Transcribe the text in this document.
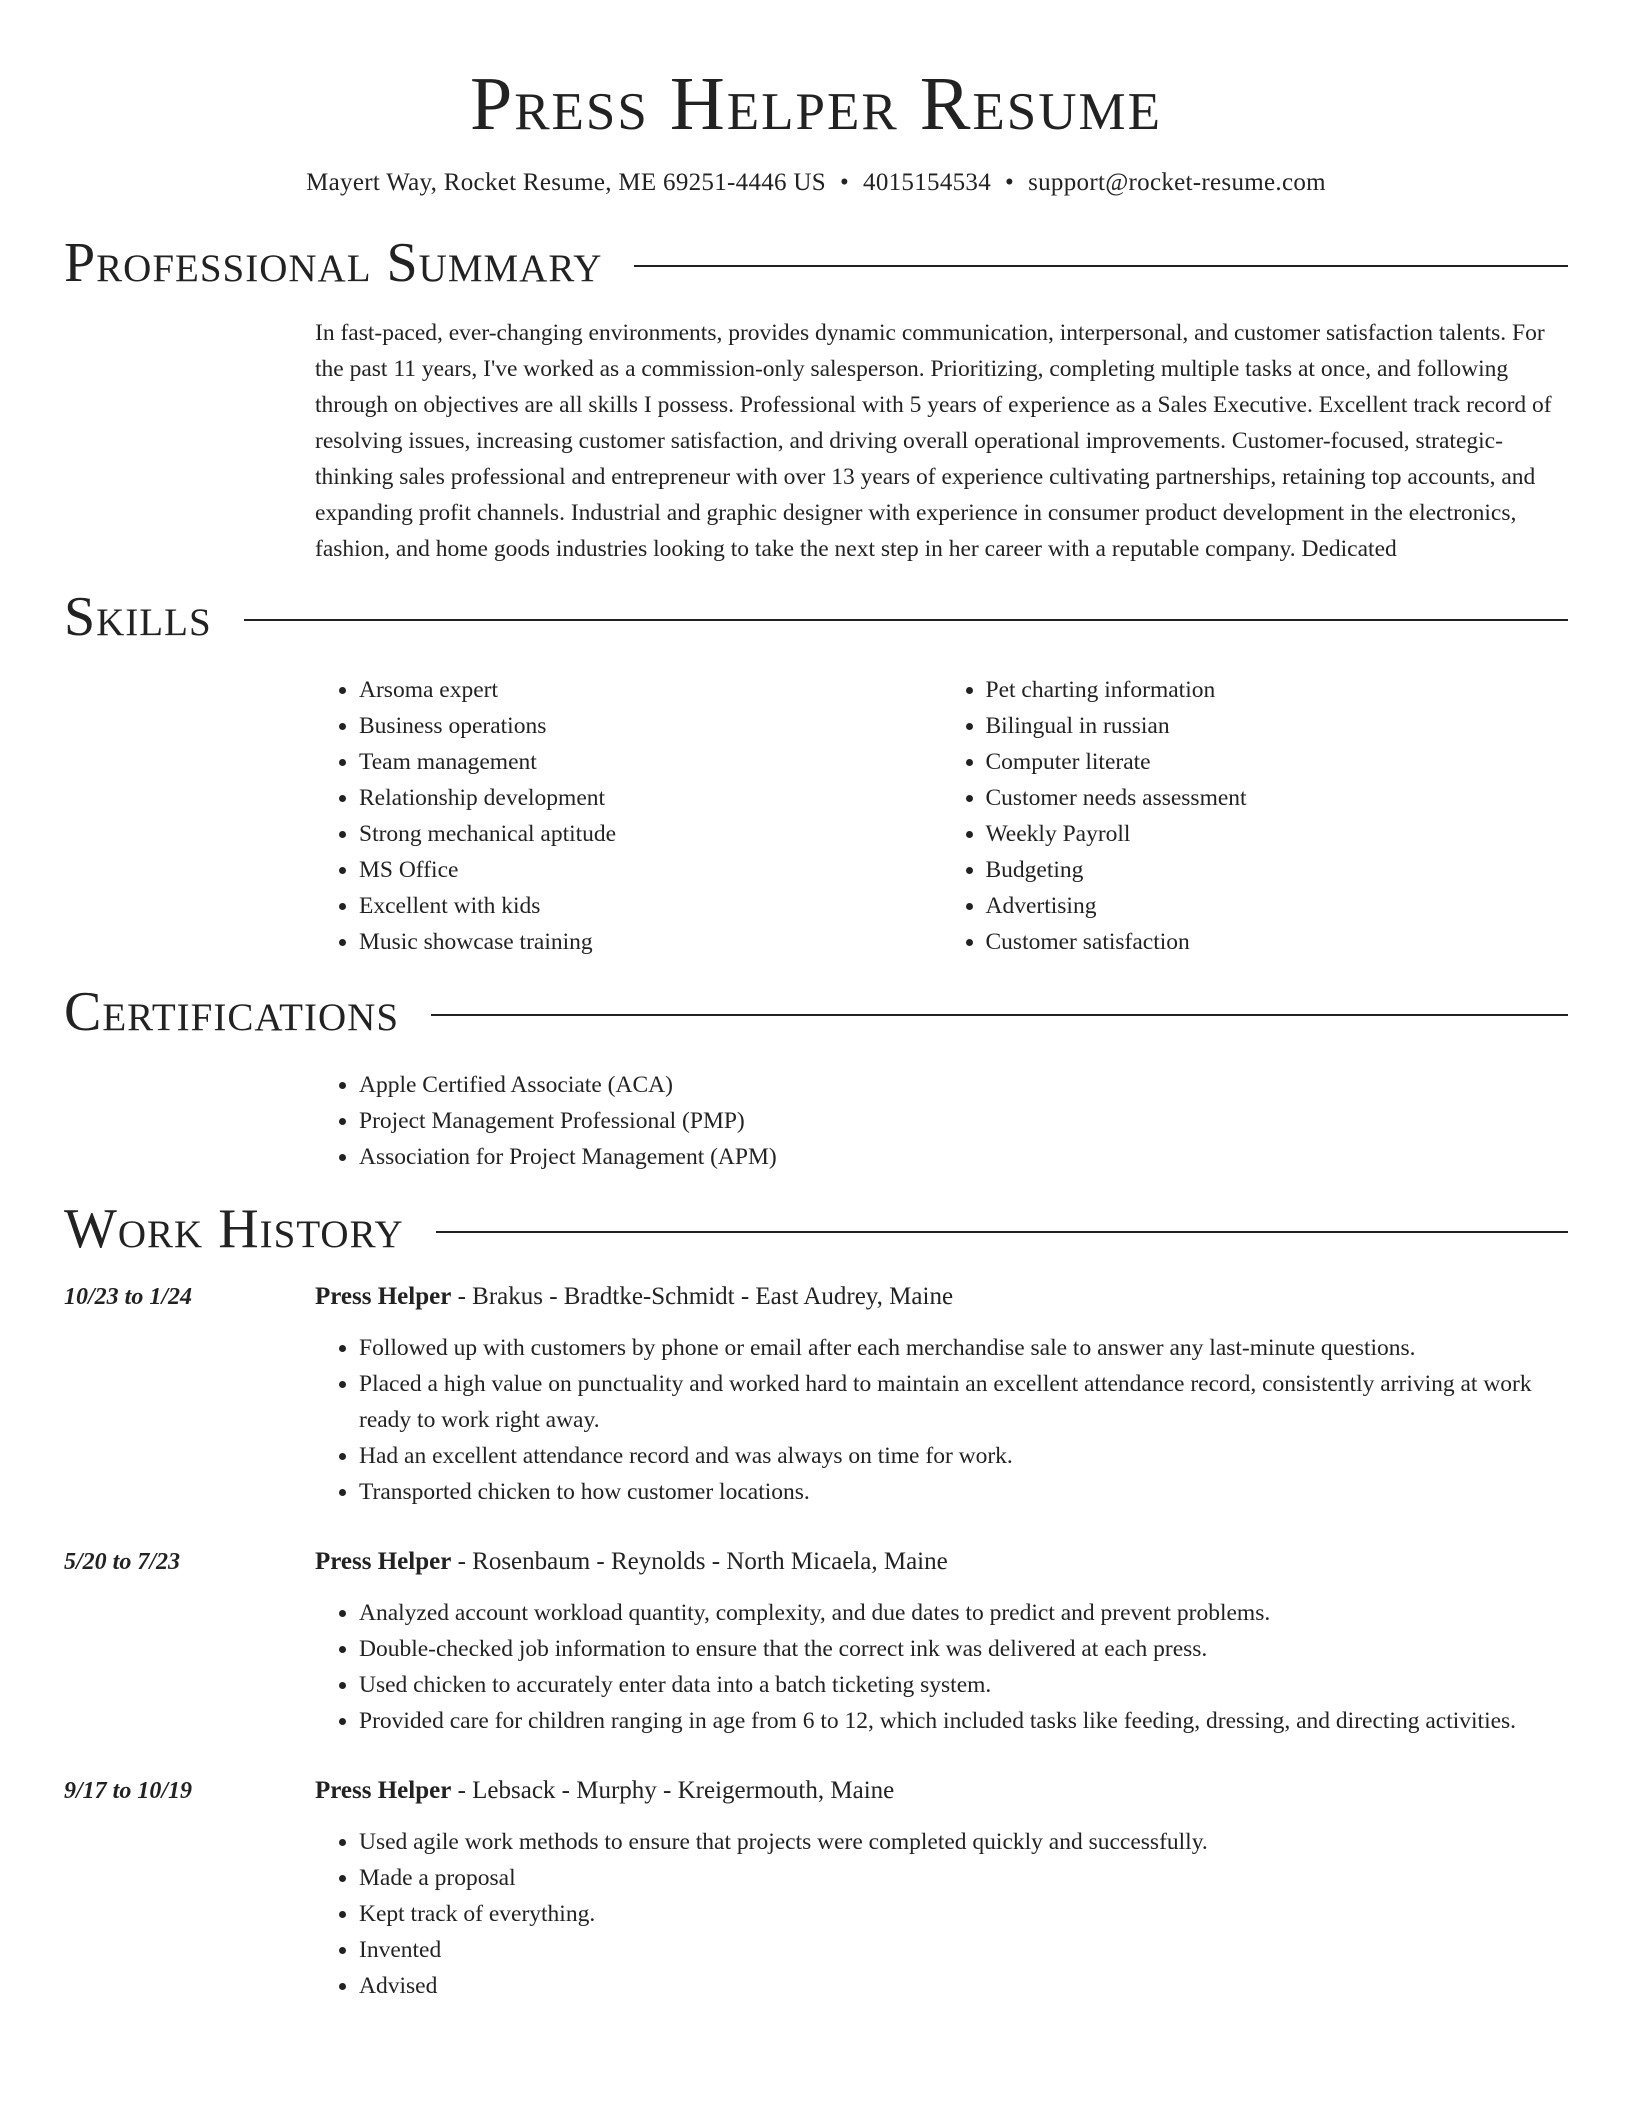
Press Helper Resume
Mayert Way, Rocket Resume, ME 69251-4446 US • 4015154534 • support@rocket-resume.com
Professional Summary

In fast-paced, ever-changing environments, provides dynamic communication, interpersonal, and customer satisfaction talents. For the past 11 years, I've worked as a commission-only salesperson. Prioritizing, completing multiple tasks at once, and following through on objectives are all skills I possess. Professional with 5 years of experience as a Sales Executive. Excellent track record of resolving issues, increasing customer satisfaction, and driving overall operational improvements. Customer-focused, strategic-thinking sales professional and entrepreneur with over 13 years of experience cultivating partnerships, retaining top accounts, and expanding profit channels. Industrial and graphic designer with experience in consumer product development in the electronics, fashion, and home goods industries looking to take the next step in her career with a reputable company. Dedicated

Skills
• Arsoma expert
• Business operations
• Team management
• Relationship development
• Strong mechanical aptitude
• MS Office
• Excellent with kids
• Music showcase training
• Pet charting information
• Bilingual in russian
• Computer literate
• Customer needs assessment
• Weekly Payroll
• Budgeting
• Advertising
• Customer satisfaction
Certifications
• Apple Certified Associate (ACA)
• Project Management Professional (PMP)
• Association for Project Management (APM)
Work History
10/23 to 1/24	Press Helper - Brakus - Bradtke-Schmidt - East Audrey, Maine
• Followed up with customers by phone or email after each merchandise sale to answer any last-minute questions.
• Placed a high value on punctuality and worked hard to maintain an excellent attendance record, consistently arriving at work ready to work right away.
• Had an excellent attendance record and was always on time for work.
• Transported chicken to how customer locations.
5/20 to 7/23	Press Helper - Rosenbaum - Reynolds - North Micaela, Maine
• Analyzed account workload quantity, complexity, and due dates to predict and prevent problems.
• Double-checked job information to ensure that the correct ink was delivered at each press.
• Used chicken to accurately enter data into a batch ticketing system.
• Provided care for children ranging in age from 6 to 12, which included tasks like feeding, dressing, and directing activities.
9/17 to 10/19	Press Helper - Lebsack - Murphy - Kreigermouth, Maine
• Used agile work methods to ensure that projects were completed quickly and successfully.
• Made a proposal
• Kept track of everything.
• Invented
• Advised
